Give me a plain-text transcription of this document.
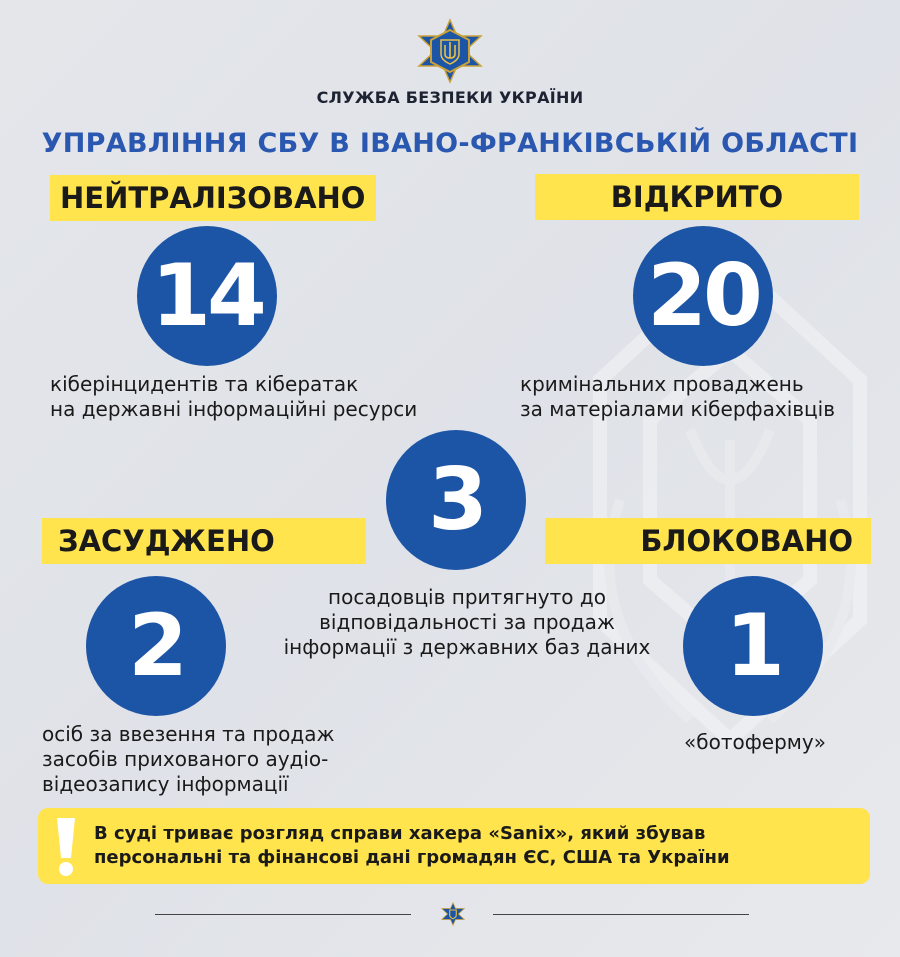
СЛУЖБА БЕЗПЕКИ УКРАЇНИ
УПРАВЛІННЯ СБУ В ІВАНО-ФРАНКІВСЬКІЙ ОБЛАСТІ
НЕЙТРАЛІЗОВАНО
14
кіберінцидентів та кібератак
на державні інформаційні ресурси
ВІДКРИТО
20
кримінальних проваджень
за матеріалами кіберфахівців
3
посадовців притягнуто до
відповідальності за продаж
інформації з державних баз даних
ЗАСУДЖЕНО
2
осіб за ввезення та продаж
засобів прихованого аудіо-
відеозапису інформації
БЛОКОВАНО
1
«ботоферму»
В суді триває розгляд справи хакера «Sanix», який збував
персональні та фінансові дані громадян ЄС, США та України
